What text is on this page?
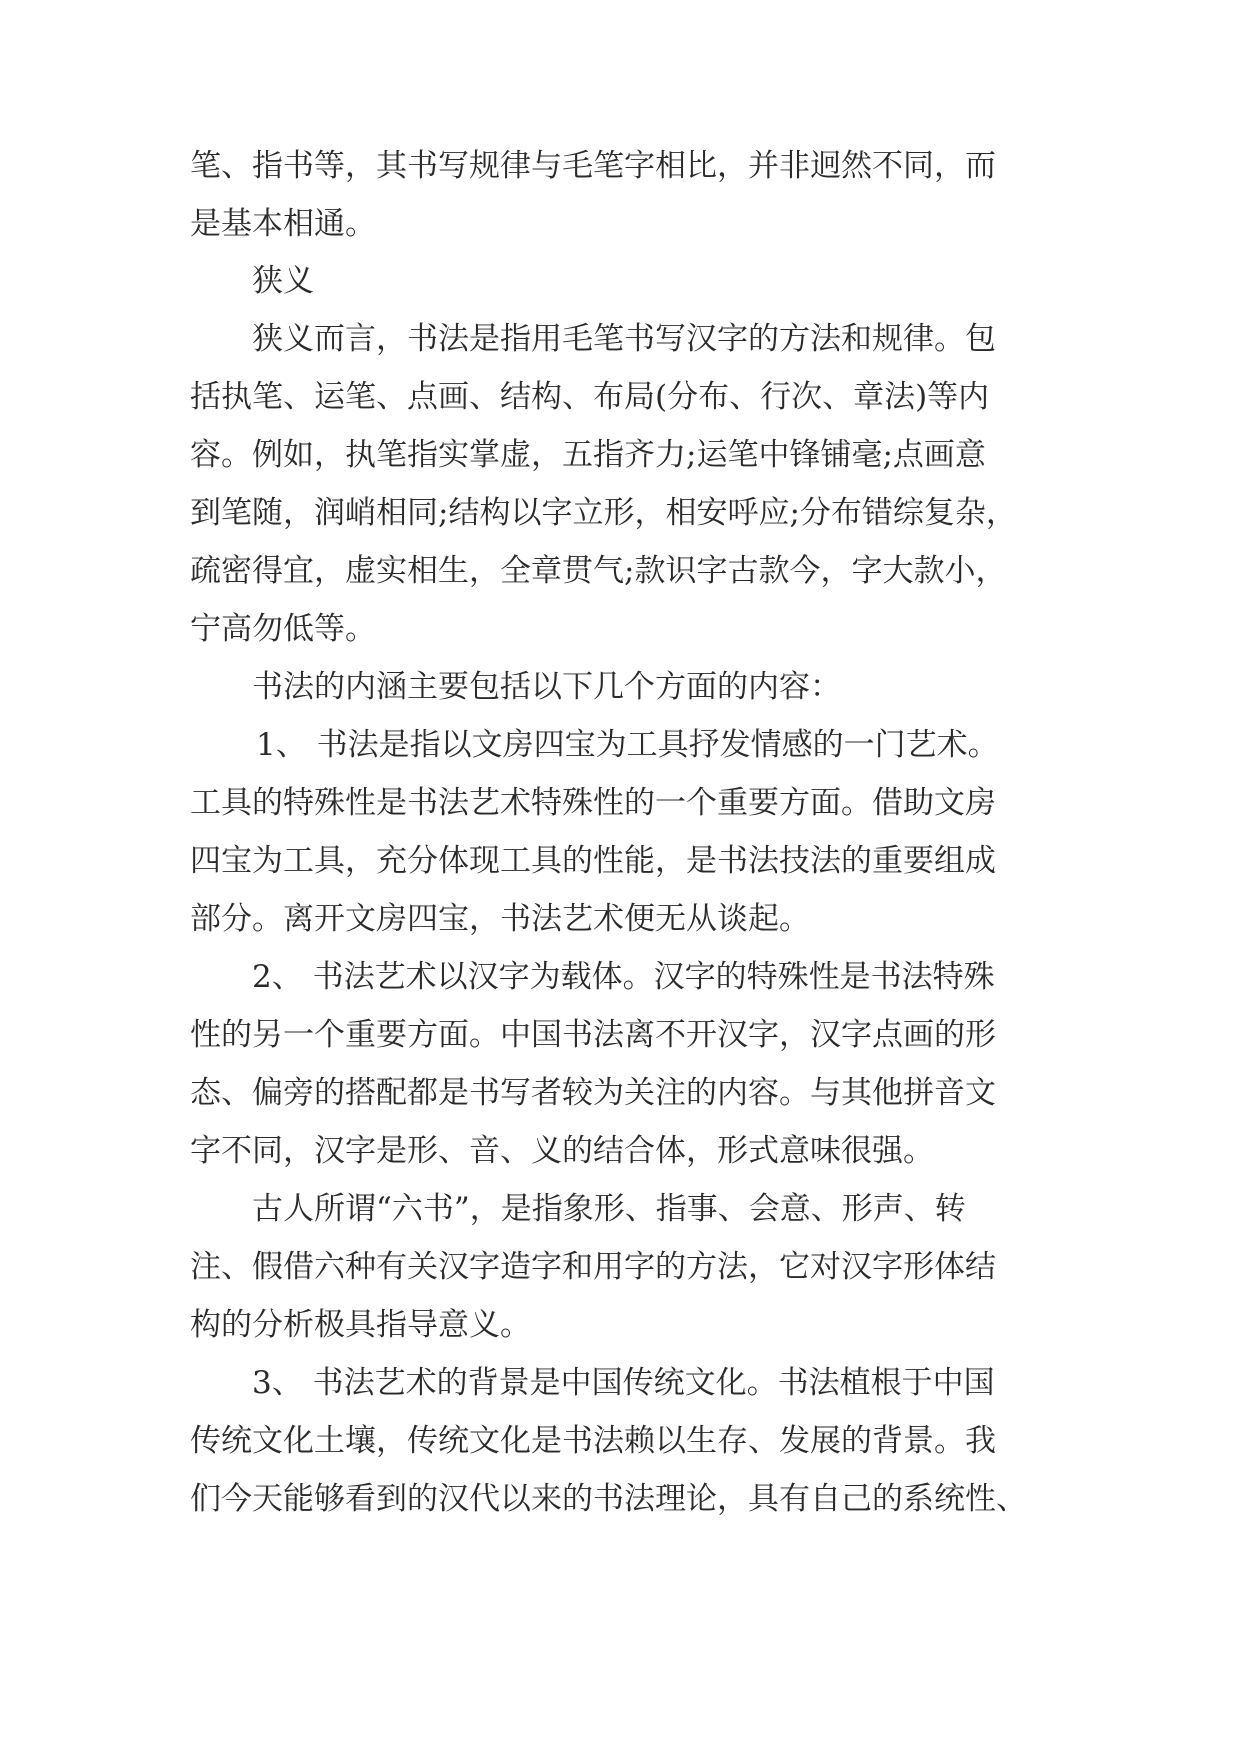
笔、指书等，其书写规律与毛笔字相比，并非迥然不同，而
是基本相通。
狭义
狭义而言，书法是指用毛笔书写汉字的方法和规律。包
括执笔、运笔、点画、结构、布局(分布、行次、章法)等内
容。例如，执笔指实掌虚，五指齐力;运笔中锋铺毫;点画意
到笔随，润峭相同;结构以字立形，相安呼应;分布错综复杂，
疏密得宜，虚实相生，全章贯气;款识字古款今，字大款小，
宁高勿低等。
书法的内涵主要包括以下几个方面的内容：
1、 书法是指以文房四宝为工具抒发情感的一门艺术。
工具的特殊性是书法艺术特殊性的一个重要方面。借助文房
四宝为工具，充分体现工具的性能，是书法技法的重要组成
部分。离开文房四宝，书法艺术便无从谈起。
2、 书法艺术以汉字为载体。汉字的特殊性是书法特殊
性的另一个重要方面。中国书法离不开汉字，汉字点画的形
态、偏旁的搭配都是书写者较为关注的内容。与其他拼音文
字不同，汉字是形、音、义的结合体，形式意味很强。
古人所谓“六书”，是指象形、指事、会意、形声、转
注、假借六种有关汉字造字和用字的方法，它对汉字形体结
构的分析极具指导意义。
3、 书法艺术的背景是中国传统文化。书法植根于中国
传统文化土壤，传统文化是书法赖以生存、发展的背景。我
们今天能够看到的汉代以来的书法理论，具有自己的系统性、
